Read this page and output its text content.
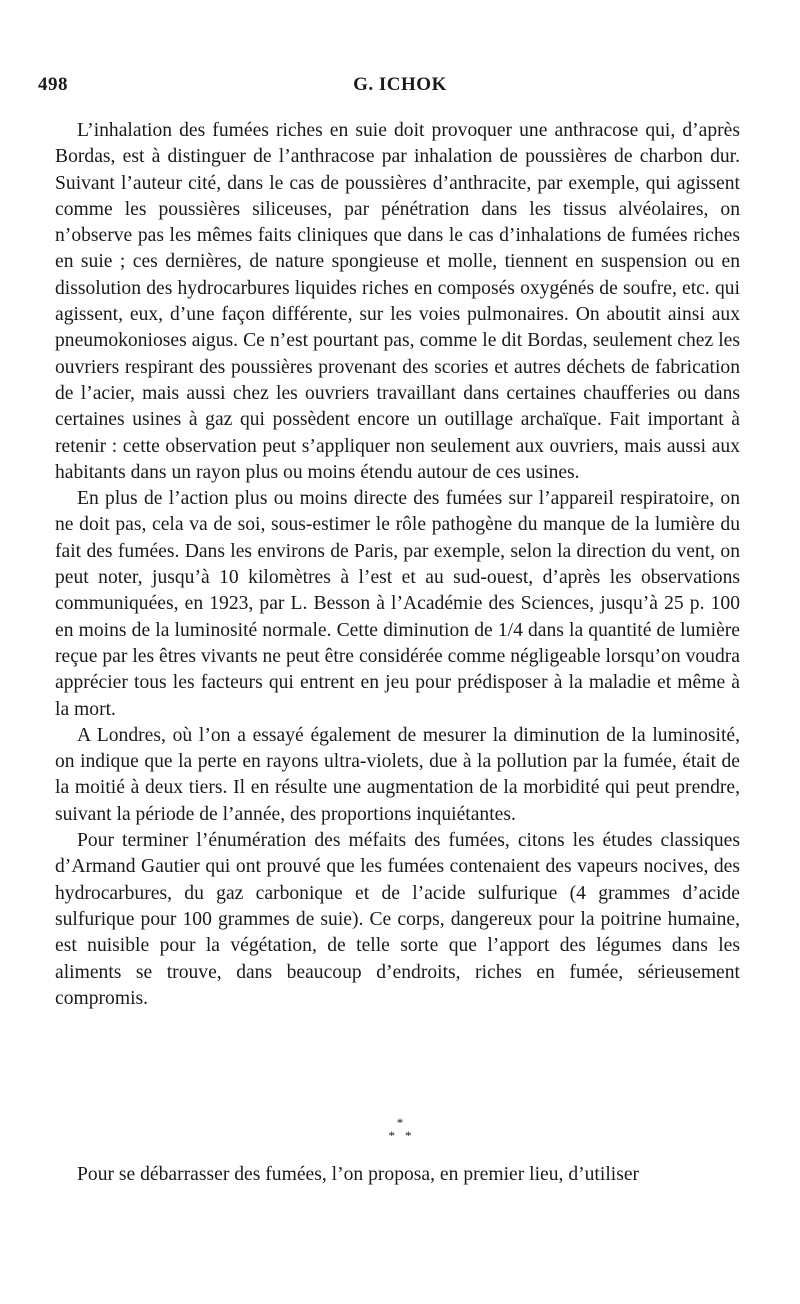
498	G. ICHOK

L’inhalation des fumées riches en suie doit provoquer une anthracose qui, d’après Bordas, est à distinguer de l’anthracose par inhalation de poussières de charbon dur. Suivant l’auteur cité, dans le cas de poussières d’anthracite, par exemple, qui agissent comme les poussières siliceuses, par pénétration dans les tissus alvéolaires, on n’observe pas les mêmes faits cliniques que dans le cas d’inhalations de fumées riches en suie ; ces dernières, de nature spongieuse et molle, tiennent en suspension ou en dissolution des hydrocarbures liquides riches en composés oxygénés de soufre, etc. qui agissent, eux, d’une façon différente, sur les voies pulmonaires. On aboutit ainsi aux pneumokonioses aigus. Ce n’est pourtant pas, comme le dit Bordas, seulement chez les ouvriers respirant des poussières provenant des scories et autres déchets de fabrication de l’acier, mais aussi chez les ouvriers travaillant dans certaines chaufferies ou dans certaines usines à gaz qui possèdent encore un outillage archaïque. Fait important à retenir : cette observation peut s’appliquer non seulement aux ouvriers, mais aussi aux habitants dans un rayon plus ou moins étendu autour de ces usines.

En plus de l’action plus ou moins directe des fumées sur l’appareil respiratoire, on ne doit pas, cela va de soi, sous-estimer le rôle pathogène du manque de la lumière du fait des fumées. Dans les environs de Paris, par exemple, selon la direction du vent, on peut noter, jusqu’à 10 kilomètres à l’est et au sud-ouest, d’après les observations communiquées, en 1923, par L. Besson à l’Académie des Sciences, jusqu’à 25 p. 100 en moins de la luminosité normale. Cette diminution de 1/4 dans la quantité de lumière reçue par les êtres vivants ne peut être considérée comme négligeable lorsqu’on voudra apprécier tous les facteurs qui entrent en jeu pour prédisposer à la maladie et même à la mort.

A Londres, où l’on a essayé également de mesurer la diminution de la luminosité, on indique que la perte en rayons ultra-violets, due à la pollution par la fumée, était de la moitié à deux tiers. Il en résulte une augmentation de la morbidité qui peut prendre, suivant la période de l’année, des proportions inquiétantes.

Pour terminer l’énumération des méfaits des fumées, citons les études classiques d’Armand Gautier qui ont prouvé que les fumées contenaient des vapeurs nocives, des hydrocarbures, du gaz carbonique et de l’acide sulfurique (4 grammes d’acide sulfurique pour 100 grammes de suie). Ce corps, dangereux pour la poitrine humaine, est nuisible pour la végétation, de telle sorte que l’apport des légumes dans les aliments se trouve, dans beaucoup d’endroits, riches en fumée, sérieusement compromis.

*
* *

Pour se débarrasser des fumées, l’on proposa, en premier lieu, d’utiliser
